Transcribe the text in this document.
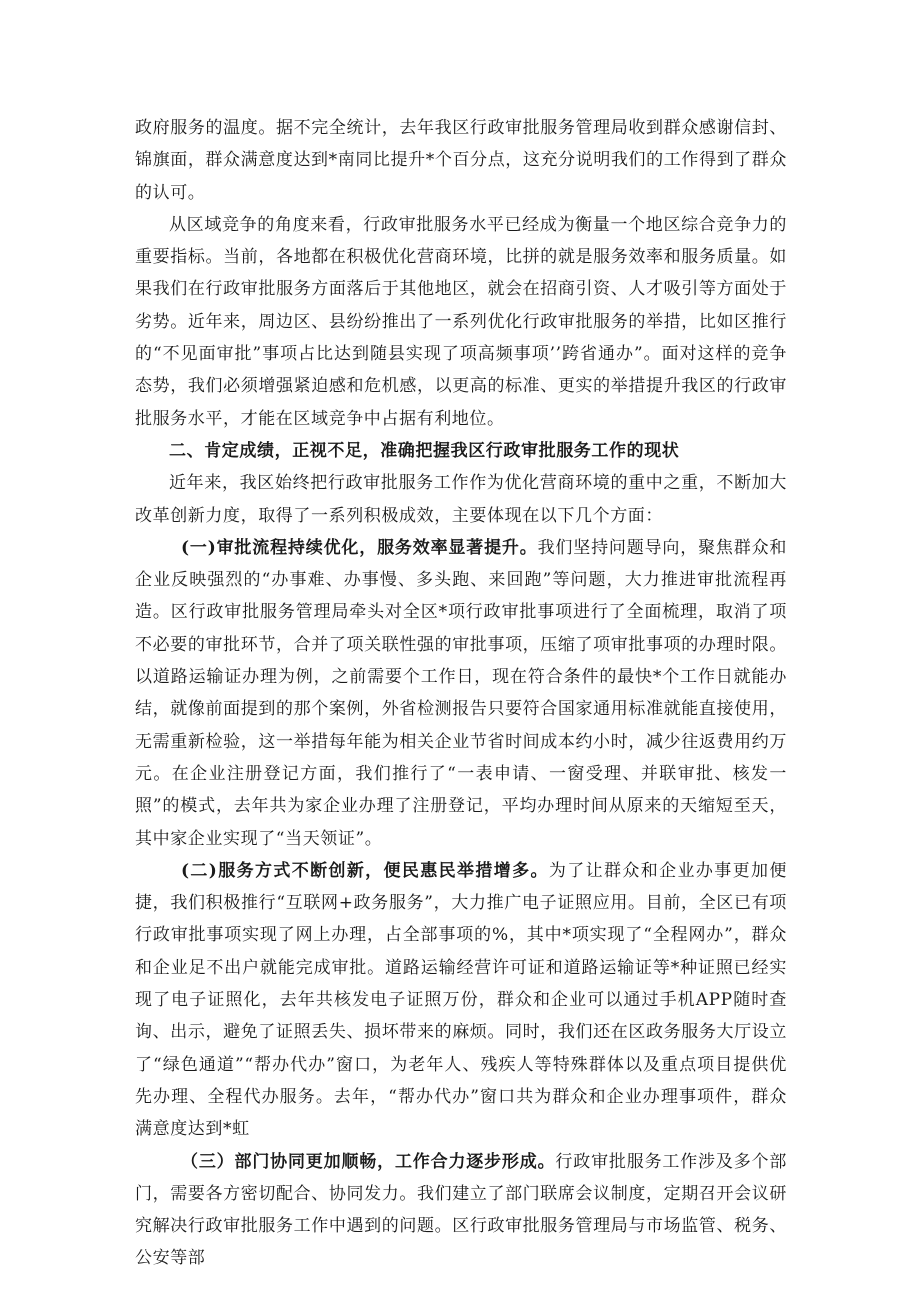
政府服务的温度。据不完全统计，去年我区行政审批服务管理局收到群众感谢信封、锦旗面，群众满意度达到*南同比提升*个百分点，这充分说明我们的工作得到了群众的认可。

从区域竞争的角度来看，行政审批服务水平已经成为衡量一个地区综合竞争力的重要指标。当前，各地都在积极优化营商环境，比拼的就是服务效率和服务质量。如果我们在行政审批服务方面落后于其他地区，就会在招商引资、人才吸引等方面处于劣势。近年来，周边区、县纷纷推出了一系列优化行政审批服务的举措，比如区推行的“不见面审批”事项占比达到随县实现了项高频事项’’跨省通办”。面对这样的竞争态势，我们必须增强紧迫感和危机感，以更高的标准、更实的举措提升我区的行政审批服务水平，才能在区域竞争中占据有利地位。

二、肯定成绩，正视不足，准确把握我区行政审批服务工作的现状

近年来，我区始终把行政审批服务工作作为优化营商环境的重中之重，不断加大改革创新力度，取得了一系列积极成效，主要体现在以下几个方面：

(一)审批流程持续优化，服务效率显著提升。我们坚持问题导向，聚焦群众和企业反映强烈的“办事难、办事慢、多头跑、来回跑”等问题，大力推进审批流程再造。区行政审批服务管理局牵头对全区*项行政审批事项进行了全面梳理，取消了项不必要的审批环节，合并了项关联性强的审批事项，压缩了项审批事项的办理时限。以道路运输证办理为例，之前需要个工作日，现在符合条件的最快*个工作日就能办结，就像前面提到的那个案例，外省检测报告只要符合国家通用标准就能直接使用，无需重新检验，这一举措每年能为相关企业节省时间成本约小时，减少往返费用约万元。在企业注册登记方面，我们推行了“一表申请、一窗受理、并联审批、核发一照”的模式，去年共为家企业办理了注册登记，平均办理时间从原来的天缩短至天，其中家企业实现了“当天领证”。

(二)服务方式不断创新，便民惠民举措增多。为了让群众和企业办事更加便捷，我们积极推行“互联网+政务服务”，大力推广电子证照应用。目前，全区已有项行政审批事项实现了网上办理，占全部事项的%，其中*项实现了“全程网办”，群众和企业足不出户就能完成审批。道路运输经营许可证和道路运输证等*种证照已经实现了电子证照化，去年共核发电子证照万份，群众和企业可以通过手机APP随时查询、出示，避免了证照丢失、损坏带来的麻烦。同时，我们还在区政务服务大厅设立了“绿色通道”“帮办代办”窗口，为老年人、残疾人等特殊群体以及重点项目提供优先办理、全程代办服务。去年，“帮办代办”窗口共为群众和企业办理事项件，群众满意度达到*虹

（三）部门协同更加顺畅，工作合力逐步形成。行政审批服务工作涉及多个部门，需要各方密切配合、协同发力。我们建立了部门联席会议制度，定期召开会议研究解决行政审批服务工作中遇到的问题。区行政审批服务管理局与市场监管、税务、公安等部
